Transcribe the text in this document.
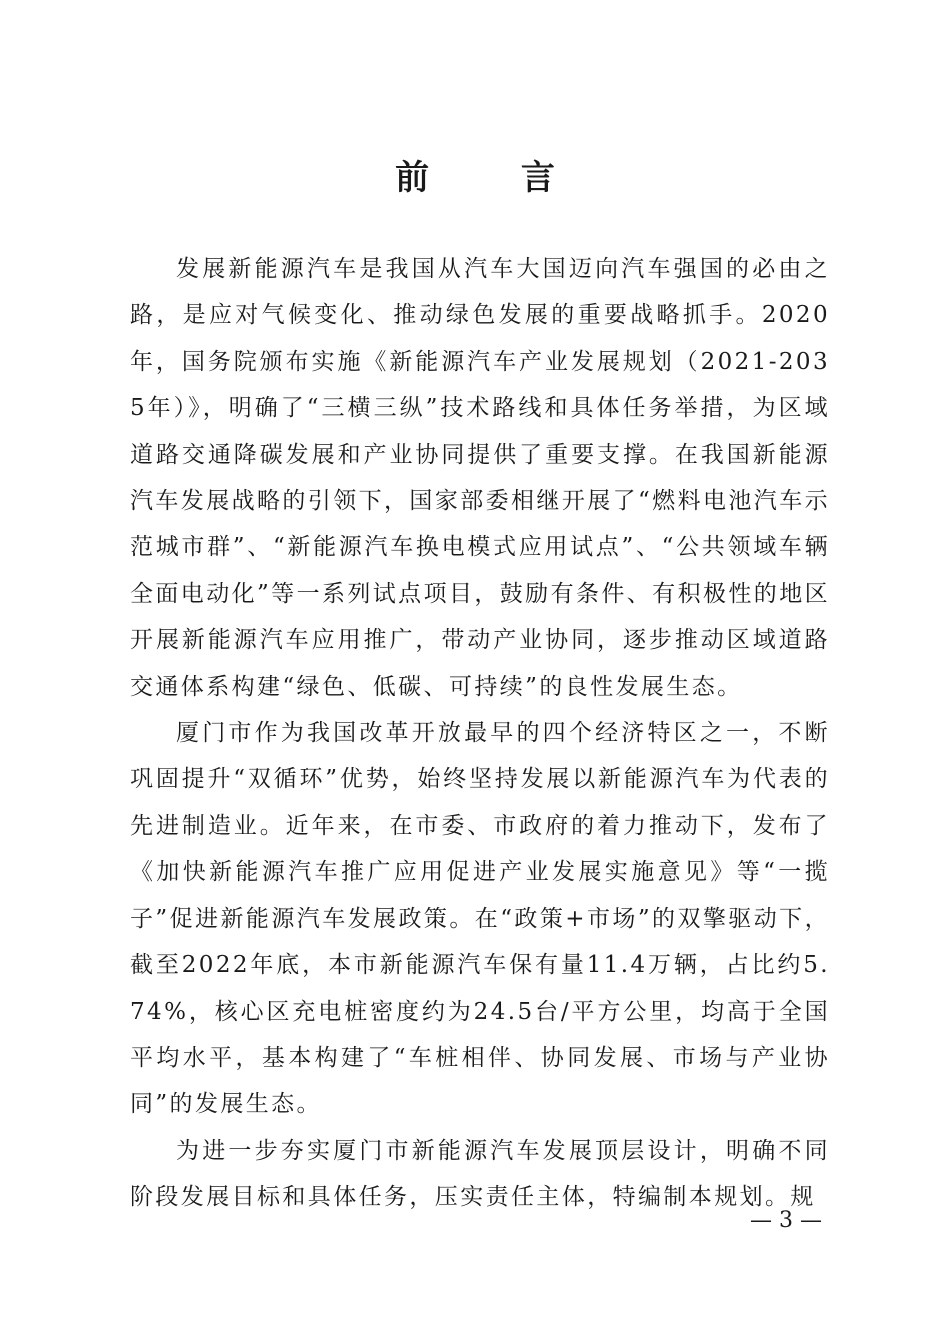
前 言

发展新能源汽车是我国从汽车大国迈向汽车强国的必由之路，是应对气候变化、推动绿色发展的重要战略抓手。2020年，国务院颁布实施《新能源汽车产业发展规划（2021-2035年）》，明确了“三横三纵”技术路线和具体任务举措，为区域道路交通降碳发展和产业协同提供了重要支撑。在我国新能源汽车发展战略的引领下，国家部委相继开展了“燃料电池汽车示范城市群”、“新能源汽车换电模式应用试点”、“公共领域车辆全面电动化”等一系列试点项目，鼓励有条件、有积极性的地区开展新能源汽车应用推广，带动产业协同，逐步推动区域道路交通体系构建“绿色、低碳、可持续”的良性发展生态。

厦门市作为我国改革开放最早的四个经济特区之一，不断巩固提升“双循环”优势，始终坚持发展以新能源汽车为代表的先进制造业。近年来，在市委、市政府的着力推动下，发布了《加快新能源汽车推广应用促进产业发展实施意见》等“一揽子”促进新能源汽车发展政策。在“政策+市场”的双擎驱动下，截至2022年底，本市新能源汽车保有量11.4万辆，占比约5.74%，核心区充电桩密度约为24.5台/平方公里，均高于全国平均水平，基本构建了“车桩相伴、协同发展、市场与产业协同”的发展生态。

为进一步夯实厦门市新能源汽车发展顶层设计，明确不同阶段发展目标和具体任务，压实责任主体，特编制本规划。规

— 3 —
